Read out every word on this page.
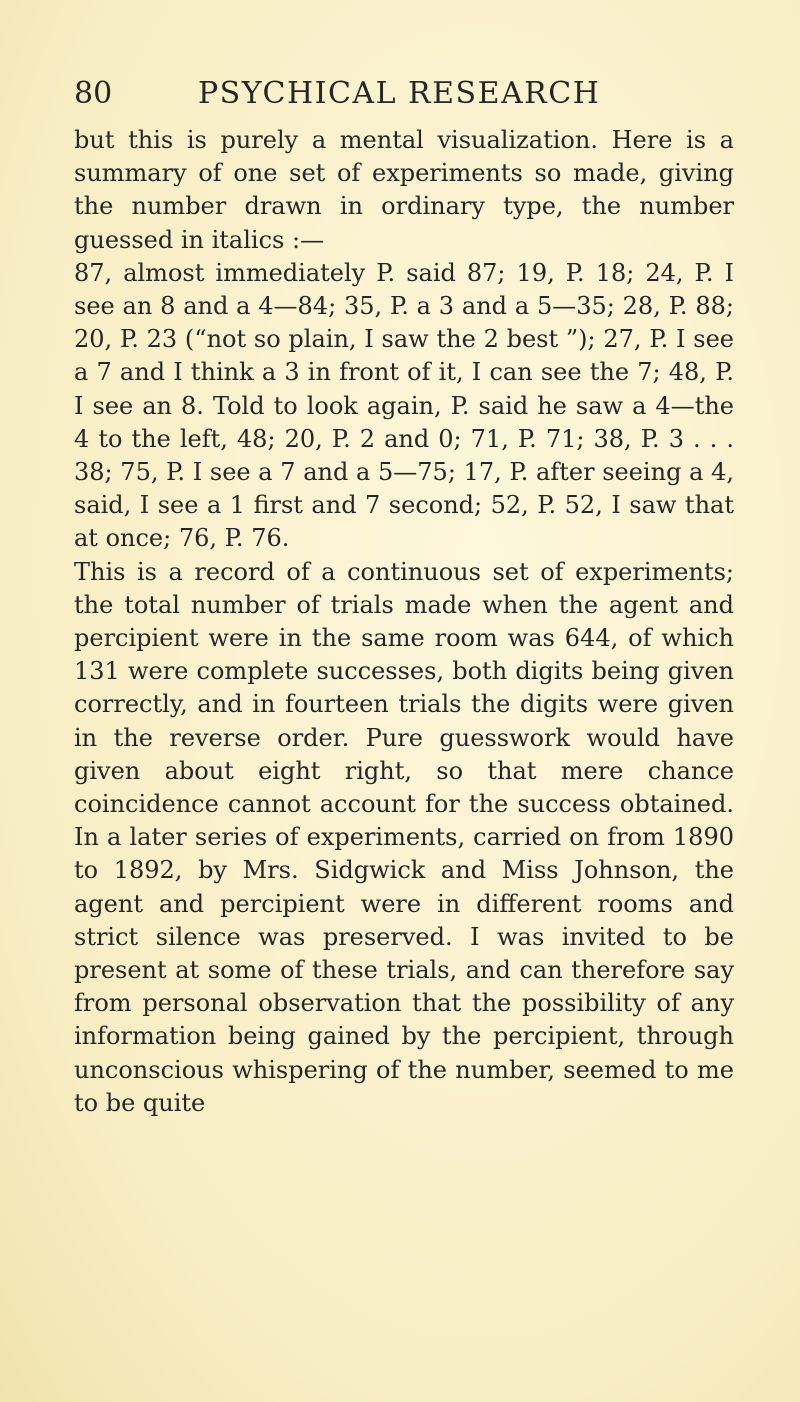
80	PSYCHICAL RESEARCH

but this is purely a mental visualization. Here is a summary of one set of experiments so made, giving the number drawn in ordinary type, the number guessed in italics :—

87, almost immediately P. said 87; 19, P. 18; 24, P. I see an 8 and a 4—84; 35, P. a 3 and a 5—35; 28, P. 88; 20, P. 23 (“not so plain, I saw the 2 best ”); 27, P. I see a 7 and I think a 3 in front of it, I can see the 7; 48, P. I see an 8. Told to look again, P. said he saw a 4—the 4 to the left, 48; 20, P. 2 and 0; 71, P. 71; 38, P. 3 . . . 38; 75, P. I see a 7 and a 5—75; 17, P. after seeing a 4, said, I see a 1 first and 7 second; 52, P. 52, I saw that at once; 76, P. 76.

This is a record of a continuous set of experiments; the total number of trials made when the agent and percipient were in the same room was 644, of which 131 were complete successes, both digits being given correctly, and in fourteen trials the digits were given in the reverse order. Pure guesswork would have given about eight right, so that mere chance coincidence cannot account for the success obtained. In a later series of experiments, carried on from 1890 to 1892, by Mrs. Sidgwick and Miss Johnson, the agent and percipient were in different rooms and strict silence was preserved. I was invited to be present at some of these trials, and can therefore say from personal observation that the possibility of any information being gained by the percipient, through unconscious whispering of the number, seemed to me to be quite
